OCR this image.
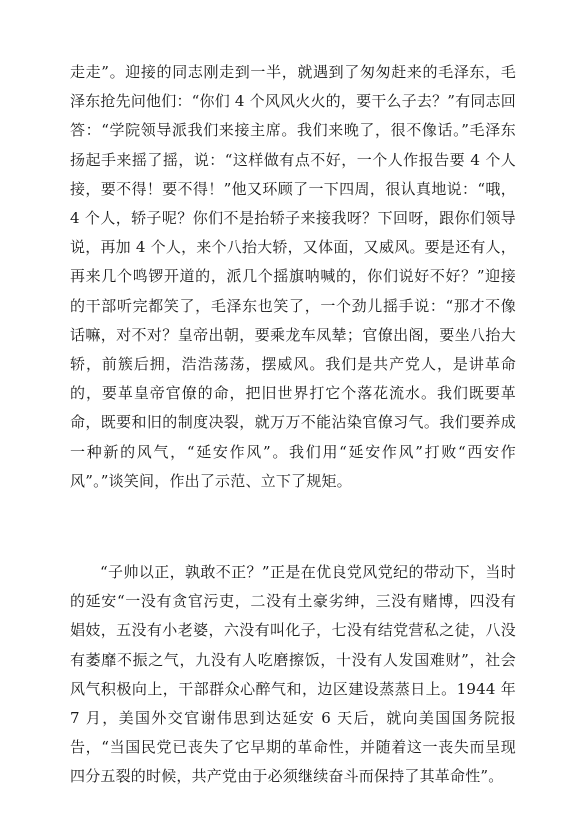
走走”。迎接的同志刚走到一半，就遇到了匆匆赶来的毛泽东，毛泽东抢先问他们：“你们 4 个风风火火的，要干么子去？”有同志回答：“学院领导派我们来接主席。我们来晚了，很不像话。”毛泽东扬起手来摇了摇，说：“这样做有点不好，一个人作报告要 4 个人接，要不得！要不得！”他又环顾了一下四周，很认真地说：“哦，4 个人，轿子呢？你们不是抬轿子来接我呀？下回呀，跟你们领导说，再加 4 个人，来个八抬大轿，又体面，又威风。要是还有人，再来几个鸣锣开道的，派几个摇旗呐喊的，你们说好不好？”迎接的干部听完都笑了，毛泽东也笑了，一个劲儿摇手说：“那才不像话嘛，对不对？皇帝出朝，要乘龙车凤辇；官僚出阁，要坐八抬大轿，前簇后拥，浩浩荡荡，摆威风。我们是共产党人，是讲革命的，要革皇帝官僚的命，把旧世界打它个落花流水。我们既要革命，既要和旧的制度决裂，就万万不能沾染官僚习气。我们要养成一种新的风气，“延安作风”。我们用“延安作风”打败“西安作风”。”谈笑间，作出了示范、立下了规矩。

“子帅以正，孰敢不正？”正是在优良党风党纪的带动下，当时的延安“一没有贪官污吏，二没有土豪劣绅，三没有赌博，四没有娼妓，五没有小老婆，六没有叫化子，七没有结党营私之徒，八没有萎靡不振之气，九没有人吃磨擦饭，十没有人发国难财”，社会风气积极向上，干部群众心醉气和，边区建设蒸蒸日上。1944 年 7 月，美国外交官谢伟思到达延安 6 天后，就向美国国务院报告，“当国民党已丧失了它早期的革命性，并随着这一丧失而呈现四分五裂的时候，共产党由于必须继续奋斗而保持了其革命性”。
